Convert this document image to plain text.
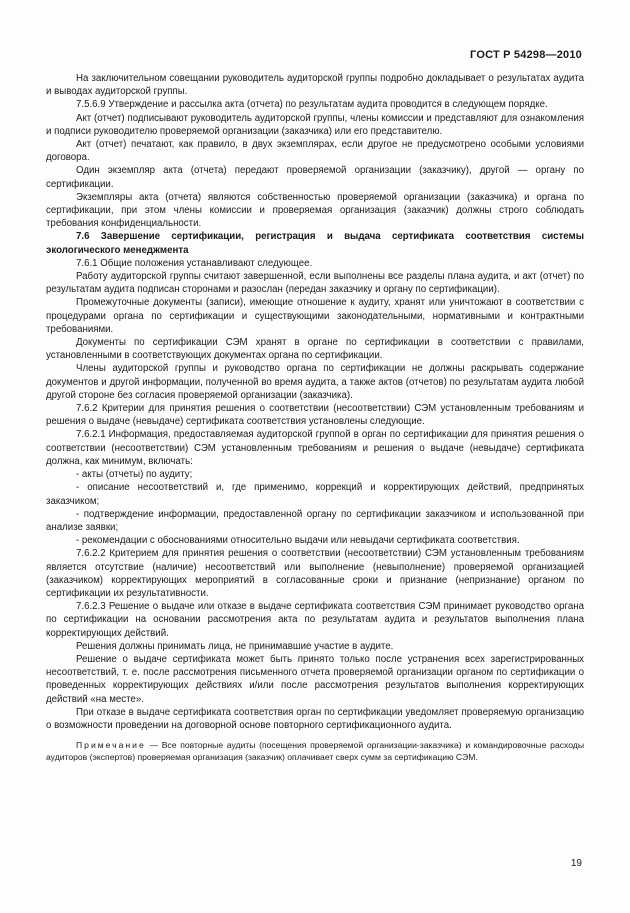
ГОСТ Р 54298—2010

На заключительном совещании руководитель аудиторской группы подробно докладывает о результатах аудита и выводах аудиторской группы.

7.5.6.9 Утверждение и рассылка акта (отчета) по результатам аудита проводится в следующем порядке.

Акт (отчет) подписывают руководитель аудиторской группы, члены комиссии и представляют для ознакомления и подписи руководителю проверяемой организации (заказчика) или его представителю.

Акт (отчет) печатают, как правило, в двух экземплярах, если другое не предусмотрено особыми условиями договора.

Один экземпляр акта (отчета) передают проверяемой организации (заказчику), другой — органу по сертификации.

Экземпляры акта (отчета) являются собственностью проверяемой организации (заказчика) и органа по сертификации, при этом члены комиссии и проверяемая организация (заказчик) должны строго соблюдать требования конфиденциальности.

7.6 Завершение сертификации, регистрация и выдача сертификата соответствия системы экологического менеджмента

7.6.1 Общие положения устанавливают следующее.

Работу аудиторской группы считают завершенной, если выполнены все разделы плана аудита, и акт (отчет) по результатам аудита подписан сторонами и разослан (передан заказчику и органу по сертификации).

Промежуточные документы (записи), имеющие отношение к аудиту, хранят или уничтожают в соответствии с процедурами органа по сертификации и существующими законодательными, нормативными и контрактными требованиями.

Документы по сертификации СЭМ хранят в органе по сертификации в соответствии с правилами, установленными в соответствующих документах органа по сертификации.

Члены аудиторской группы и руководство органа по сертификации не должны раскрывать содержание документов и другой информации, полученной во время аудита, а также актов (отчетов) по результатам аудита любой другой стороне без согласия проверяемой организации (заказчика).

7.6.2 Критерии для принятия решения о соответствии (несоответствии) СЭМ установленным требованиям и решения о выдаче (невыдаче) сертификата соответствия установлены следующие.

7.6.2.1 Информация, предоставляемая аудиторской группой в орган по сертификации для принятия решения о соответствии (несоответствии) СЭМ установленным требованиям и решения о выдаче (невыдаче) сертификата должна, как минимум, включать:

- акты (отчеты) по аудиту;

- описание несоответствий и, где применимо, коррекций и корректирующих действий, предпринятых заказчиком;

- подтверждение информации, предоставленной органу по сертификации заказчиком и использованной при анализе заявки;

- рекомендации с обоснованиями относительно выдачи или невыдачи сертификата соответствия.

7.6.2.2 Критерием для принятия решения о соответствии (несоответствии) СЭМ установленным требованиям является отсутствие (наличие) несоответствий или выполнение (невыполнение) проверяемой организацией (заказчиком) корректирующих мероприятий в согласованные сроки и признание (непризнание) органом по сертификации их результативности.

7.6.2.3 Решение о выдаче или отказе в выдаче сертификата соответствия СЭМ принимает руководство органа по сертификации на основании рассмотрения акта по результатам аудита и результатов выполнения плана корректирующих действий.

Решения должны принимать лица, не принимавшие участие в аудите.

Решение о выдаче сертификата может быть принято только после устранения всех зарегистрированных несоответствий, т. е. после рассмотрения письменного отчета проверяемой организации органом по сертификации о проведенных корректирующих действиях и/или после рассмотрения результатов выполнения корректирующих действий «на месте».

При отказе в выдаче сертификата соответствия орган по сертификации уведомляет проверяемую организацию о возможности проведении на договорной основе повторного сертификационного аудита.

Примечание — Все повторные аудиты (посещения проверяемой организации-заказчика) и командировочные расходы аудиторов (экспертов) проверяемая организация (заказчик) оплачивает сверх сумм за сертификацию СЭМ.

19
